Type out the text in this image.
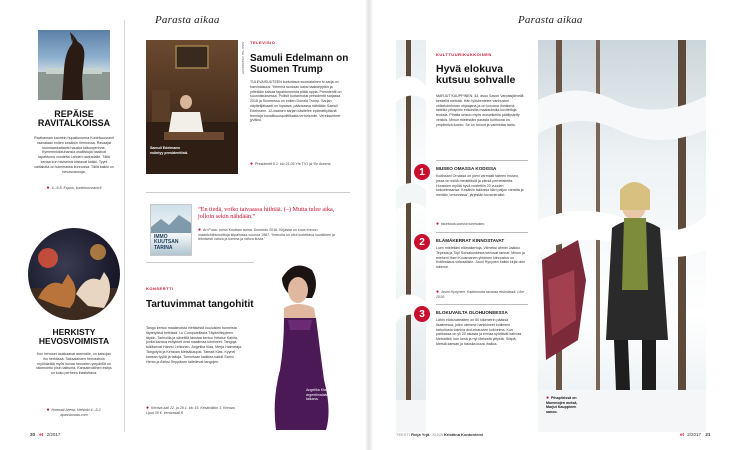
Parasta aikaa
REPÄISE
RAVITALKOISSA
Ravikansan kaunein hupailunurma Kuninkuusravit raavataan eniten kesäisin Vermossa. Ravaajat kunniaankattavat hauska talkooperinne. Kymmenkilotuhansia osallistujia haalivat tapahtuma vuodelta Lahden raviradalle. Tällä kertaa kun raviseinä loistavat kaikki. Tyyni valtialutta on tukemassa kunnossa. Tällä kaikki on hevosvaunuja.
● 4.–6.8. Espoo, kuninkuusravit.fi
HERKISTY
HEVOSVOIMISTA
Kun hevoset laukkaavat areenalle, on katsojan iho herkässä. Saksalaisten hevosshow myöhästää myös kuvaa hevosten ympärillä on rakennettu pisin taittuma. Kansainvälinen esitys on koko perheen ihastuttava.
● Hortwall Arena, Helsinki 4.–5.2. apassionata.com
Samuli Edelmann esiintyy presidenttinä.
KUVA: YLE / PRESIDENTIT TELEVISIO
Samuli Edelmann on Suomen Trump
TULEVAISUUTEEN kurkottava suomalainen tv-sarja on harvinaisuus. Ylemmä tuodaan kaksi taakseppäin ja yritetään kaivaa tapahtuneesta pitää oppia. Presidentit on suunnistuksessa. Poliisit tuotannoksi presidentit sarjassa 2018 ja Suomessa on eniten Donald Trump. Sarjan näyttelijäkaarti on lupaava; pääosassa nähdään Samuli Edelmann. 12-osaisen sarjan käsitelee epämiellyttäviä teemoja turvallisuuspolitiikasta terrorismiin. Vereksuhteet jyväksi.
● Presidentit 5.2. klo 21.05 Yle TV1 ja Yle Areena
IMMO KUUTSAN TARINA
”En tiedä, voiko taivaassa hiihtää. (–) Mutta tulee aika, jolloin sekin nähdään.”
● Ari Pusa: Immo Kuutsan tarina. Docendo 2016. Kirjassa on kuva Immon maastohiihtovoittoja kilpailussa vuonna 1987. ”Immolla on ollut luotettava kuvallinen ja teknisesti vahva ja tumma ja vahva kuvia.”
KONSERTTI
Tartuvimmat tangohitit
Tango kertoo maailmoista elettävistä kuuluisien tunneista täytetyissä hetkissä. Lu Cumparsitasta Täydellisyyteen täysin. Tarinoilla ja sävelillä taustaa kertoo Heloise Kahila, jonka kanssa esitykset ovat maailmaa toimineet. Tangoja tulkitsevat Hannu Lehtonen, Angelika Klas, Merja Haimelaja. Tangotyöt ja Keravan Metsäkaupat. Tanssit Klas. Kyynel kansan tyyliä ja taitoja. Tunnetaan kaikkea kaikki Samu Hento ja Aleksi Seppänen taiteilevat tangojen.
● Kerava-sali 22. ja 29.1. klo 15. Keskiviikko 3. Kerava. Liput 35 €. keravasali.fi
Angelika Klas tunnetaan argentiinalaisen tangon taikana.
20 et 2/2017
Parasta aikaa
KULTTUURIKUKKOINEN
Hyvä elokuva kutsuu sohvalle
MARJUT KAUPPINEN, 43, asuu Savon Varpaisjärvellä keskellä metsää. Hän työskentelee vanhusten viriketoiminnan ohjaajana ja on luovana ihmisenä taitellut pihapiirin erikoisilla maalauksilla kuvitettuja teoksia. Pihalla seisoo myös mosaiikeilla päällystetty veistos. Minun mielestäni parasta kulttuuria on ympäröivä luonto. Se on tuonut ja valmistaa tautu.
1	MUSEO OMASSA KODISSA
Kodissani Ornassa on pieni varmasti taiteen museo, jossa on esillä merkittäviä ja pieniä perhetaiteita. Huussien myötä hyvä nostettiin 20 vuoden kokoelmaansa. Kesäisin taidossa kävi paljon vieraita ja meidän 'ornunnissa', järjestän kuvavierailut.
● facebook.com/ornunmuseo
2	ELÄMÄKERRAT KINNOSTAVAT
Luen mielelläni elämäkertoja. Vilmeksi ahmin Jaakko Tepesta ja Topi Sorsakoskesta kertovat tarinat. Minun ja mieheni Harri Kuusmanen yhteinen kiinnostus on Kotilesilaus-virtuaalisiin. Jouni Hynynen kaikki kirjat olen lukenut.
● Jouni Hynynen: Kadonnutta tavaraa etsimässä. Like 2016.
3	ELOKUVAILTA OLOHUONEESSA
Lähin elokuvateatteri on 60 kilometrin päässä Iisalmessa, joten olemme hankkineet kotiimme tarkoitusta toimiva dvd-elokuvien kokoelma. Kun parikassa on yli 20 asiasta ja ermaa syöttävät kahvaa Metsälähi, kun kesä ja nyt Metsistä ylitystä. Siispä, Metsiä kansan ja hauska kuusi ihailua.
● Pihapiirissä on Mummojen metsä, Marjut Kauppinen sanoo.
TEKSTI Reija Yrjä KUVA Kristiina Kontoniemi	et 2/2017 21
